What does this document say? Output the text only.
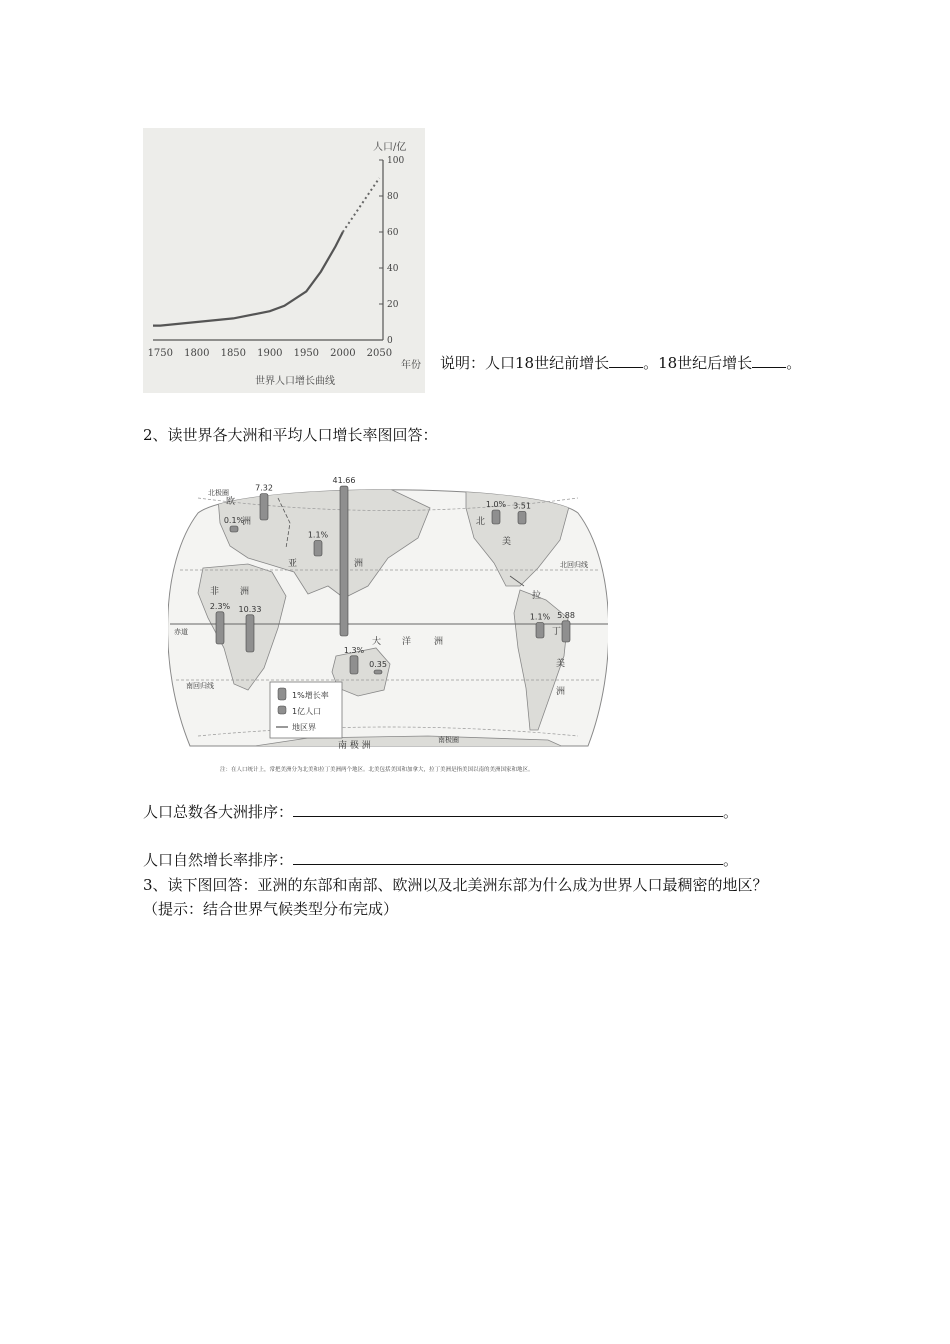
1750 1800 1850 1900 1950 2000 2050
0
20
40
60
80
100
人口/亿
年份
世界人口增长曲线
说明：人口18世纪前增长 。18世纪后增长 。
2、读世界各大洲和平均人口增长率图回答：
北极圈
北回归线
赤道
南回归线
南极圈
欧
洲
亚	洲
非 洲
大 洋	洲
北
美
拉
丁
美
洲
南 极 洲
0.1%
7.32
1.1%
41.66
2.3% 10.33
1.3%
0.35
1.0% 3.51
1.1% 5.88
1%增长率
1亿人口
地区界
注：在人口统计上，常把美洲分为北美和拉丁美洲两个地区。北美包括美国和加拿大，拉丁美洲是指美国以南的美洲国家和地区。
人口总数各大洲排序：	。
人口自然增长率排序：	。
3、读下图回答：亚洲的东部和南部、欧洲以及北美洲东部为什么成为世界人口最稠密的地区？
（提示：结合世界气候类型分布完成）
